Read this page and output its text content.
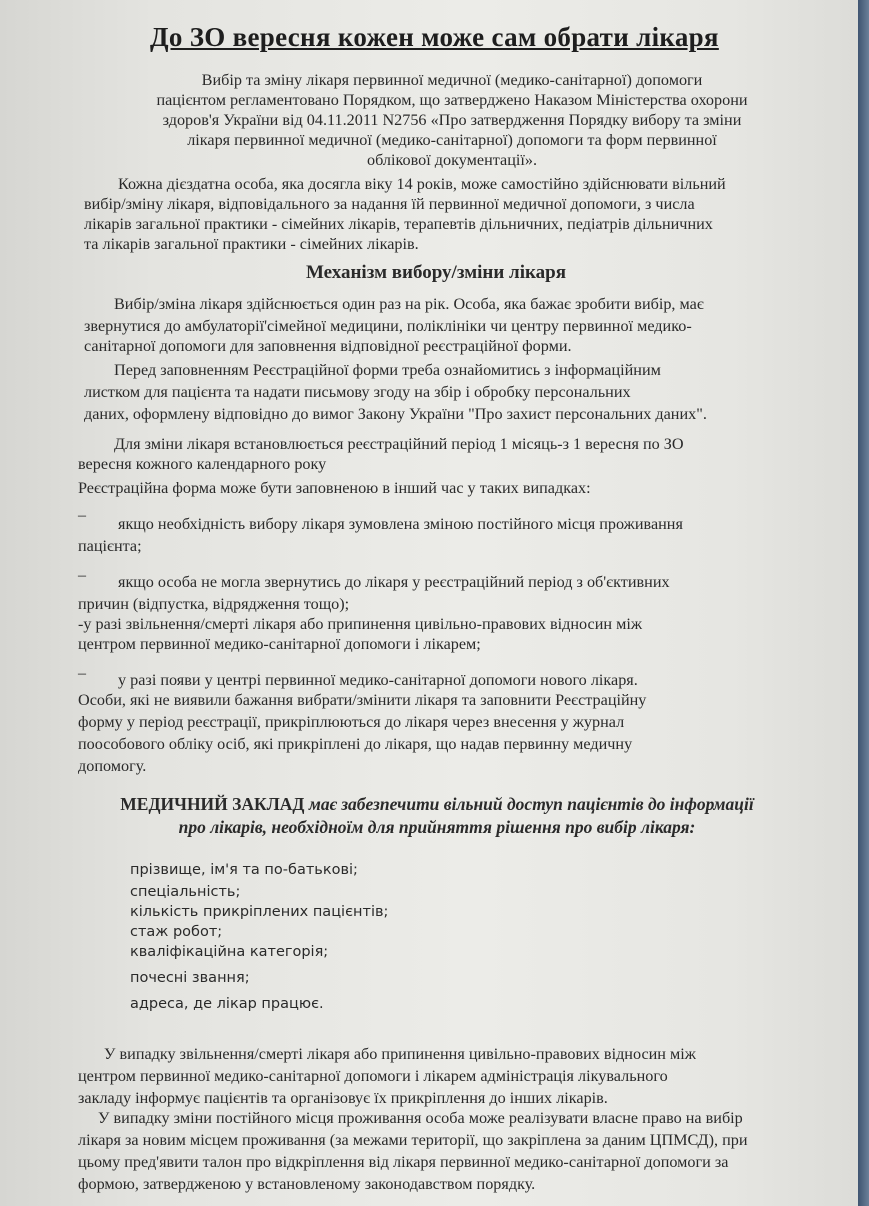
До ЗО вересня кожен може сам обрати лікаря
Вибір та зміну лікаря первинної медичної (медико-санітарної) допомоги
пацієнтом регламентовано Порядком, що затверджено Наказом Міністерства охорони
здоров'я України від 04.11.2011 N2756 «Про затвердження Порядку вибору та зміни
лікаря первинної медичної (медико-санітарної) допомоги та форм первинної
облікової документації».

Кожна дієздатна особа, яка досягла віку 14 років, може самостійно здійснювати вільний

вибір/зміну лікаря, відповідального за надання їй первинної медичної допомоги, з числа

лікарів загальної практики - сімейних лікарів, терапевтів дільничних, педіатрів дільничних

та лікарів загальної практики - сімейних лікарів.

Механізм вибору/зміни лікаря

Вибір/зміна лікаря здійснюється один раз на рік. Особа, яка бажає зробити вибір, має

звернутися до амбулаторії'сімейної медицини, поліклініки чи центру первинної медико-

санітарної допомоги для заповнення відповідної реєстраційної форми.

Перед заповненням Реєстраційної форми треба ознайомитись з інформаційним

листком для пацієнта та надати письмову згоду на збір і обробку персональних

даних, оформлену відповідно до вимог Закону України "Про захист персональних даних".

Для зміни лікаря встановлюється реєстраційний період 1 місяць-з 1 вересня по ЗО

вересня кожного календарного року

Реєстраційна форма може бути заповненою в інший час у таких випадках:

– якщо необхідність вибору лікаря зумовлена зміною постійного місця проживання

пацієнта;

– якщо особа не могла звернутись до лікаря у реєстраційний період з об'єктивних

причин (відпустка, відрядження тощо);

-у разі звільнення/смерті лікаря або припинення цивільно-правових відносин між

центром первинної медико-санітарної допомоги і лікарем;

– у разі появи у центрі первинної медико-санітарної допомоги нового лікаря.

Особи, які не виявили бажання вибрати/змінити лікаря та заповнити Реєстраційну

форму у період реєстрації, прикріплюються до лікаря через внесення у журнал

поособового обліку осіб, які прикріплені до лікаря, що надав первинну медичну

допомогу.

МЕДИЧНИЙ ЗАКЛАД має забезпечити вільний доступ пацієнтів до інформації
про лікарів, необхідноїм для прийняття рішення про вибір лікаря:

прізвище, ім'я та по-батькові;

спеціальність;

кількість прикріплених пацієнтів;

стаж робот;

кваліфікаційна категорія;

почесні звання;

адреса, де лікар працює.

У випадку звільнення/смерті лікаря або припинення цивільно-правових відносин між

центром первинної медико-санітарної допомоги і лікарем адміністрація лікувального

закладу інформує пацієнтів та організовує їх прикріплення до інших лікарів.

У випадку зміни постійного місця проживання особа може реалізувати власне право на вибір

лікаря за новим місцем проживання (за межами території, що закріплена за даним ЦПМСД), при

цьому пред'явити талон про відкріплення від лікаря первинної медико-санітарної допомоги за

формою, затвердженою у встановленому законодавством порядку.
